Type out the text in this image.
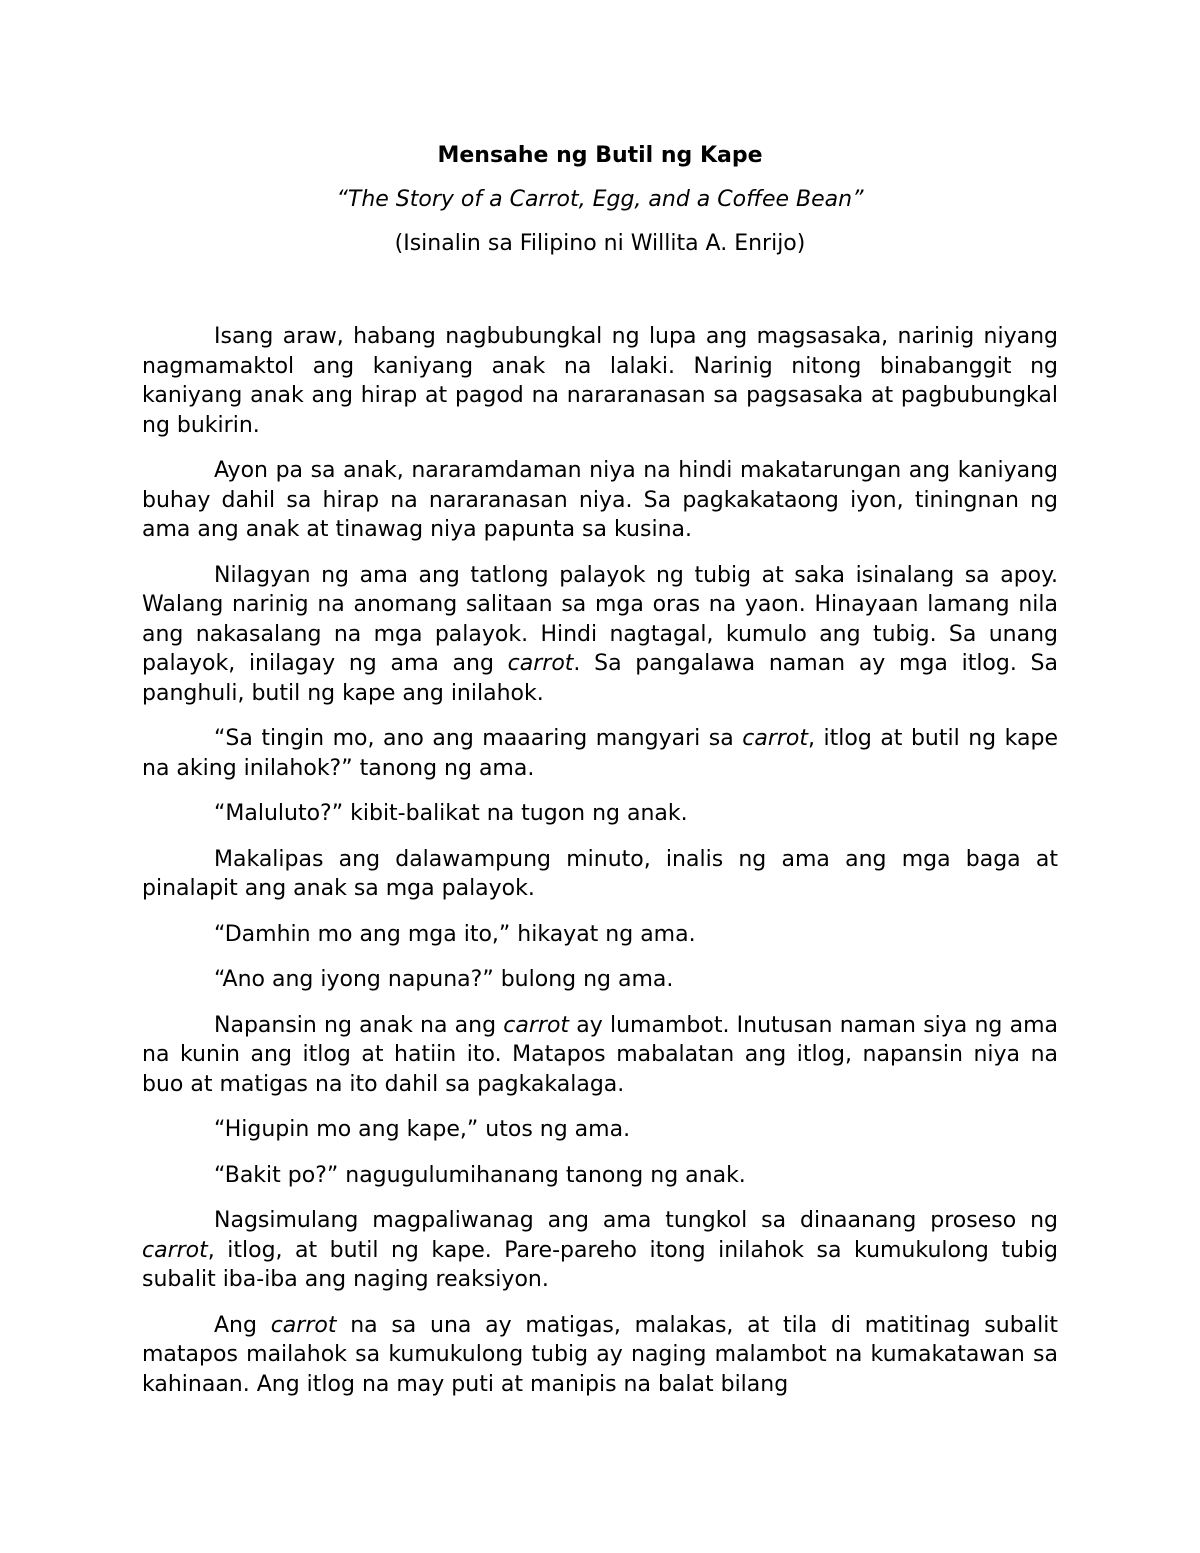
Mensahe ng Butil ng Kape
“The Story of a Carrot, Egg, and a Coffee Bean”
(Isinalin sa Filipino ni Willita A. Enrijo)

Isang araw, habang nagbubungkal ng lupa ang magsasaka, narinig niyang nagmamaktol ang kaniyang anak na lalaki. Narinig nitong binabanggit ng kaniyang anak ang hirap at pagod na nararanasan sa pagsasaka at pagbubungkal ng bukirin.

Ayon pa sa anak, nararamdaman niya na hindi makatarungan ang kaniyang buhay dahil sa hirap na nararanasan niya. Sa pagkakataong iyon, tiningnan ng ama ang anak at tinawag niya papunta sa kusina.

Nilagyan ng ama ang tatlong palayok ng tubig at saka isinalang sa apoy. Walang narinig na anomang salitaan sa mga oras na yaon. Hinayaan lamang nila ang nakasalang na mga palayok. Hindi nagtagal, kumulo ang tubig. Sa unang palayok, inilagay ng ama ang carrot. Sa pangalawa naman ay mga itlog. Sa panghuli, butil ng kape ang inilahok.

“Sa tingin mo, ano ang maaaring mangyari sa carrot, itlog at butil ng kape na aking inilahok?” tanong ng ama.

“Maluluto?” kibit-balikat na tugon ng anak.

Makalipas ang dalawampung minuto, inalis ng ama ang mga baga at pinalapit ang anak sa mga palayok.

“Damhin mo ang mga ito,” hikayat ng ama.

“Ano ang iyong napuna?” bulong ng ama.

Napansin ng anak na ang carrot ay lumambot. Inutusan naman siya ng ama na kunin ang itlog at hatiin ito. Matapos mabalatan ang itlog, napansin niya na buo at matigas na ito dahil sa pagkakalaga.

“Higupin mo ang kape,” utos ng ama.

“Bakit po?” nagugulumihanang tanong ng anak.

Nagsimulang magpaliwanag ang ama tungkol sa dinaanang proseso ng carrot, itlog, at butil ng kape. Pare-pareho itong inilahok sa kumukulong tubig subalit iba-iba ang naging reaksiyon.

Ang carrot na sa una ay matigas, malakas, at tila di matitinag subalit matapos mailahok sa kumukulong tubig ay naging malambot na kumakatawan sa kahinaan. Ang itlog na may puti at manipis na balat bilang
